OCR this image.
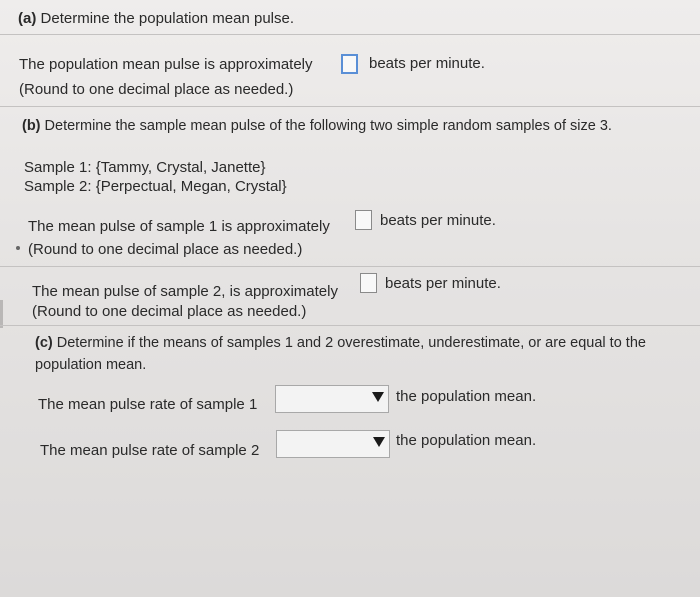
(a) Determine the population mean pulse.
The population mean pulse is approximately	beats per minute.
(Round to one decimal place as needed.)
(b) Determine the sample mean pulse of the following two simple random samples of size 3.
Sample 1: {Tammy, Crystal, Janette}
Sample 2: {Perpectual, Megan, Crystal}
The mean pulse of sample 1 is approximately	beats per minute.
(Round to one decimal place as needed.)
The mean pulse of sample 2, is approximately	beats per minute.
(Round to one decimal place as needed.)
(c) Determine if the means of samples 1 and 2 overestimate, underestimate, or are equal to the
population mean.
The mean pulse rate of sample 1	the population mean.
The mean pulse rate of sample 2
the population mean.
